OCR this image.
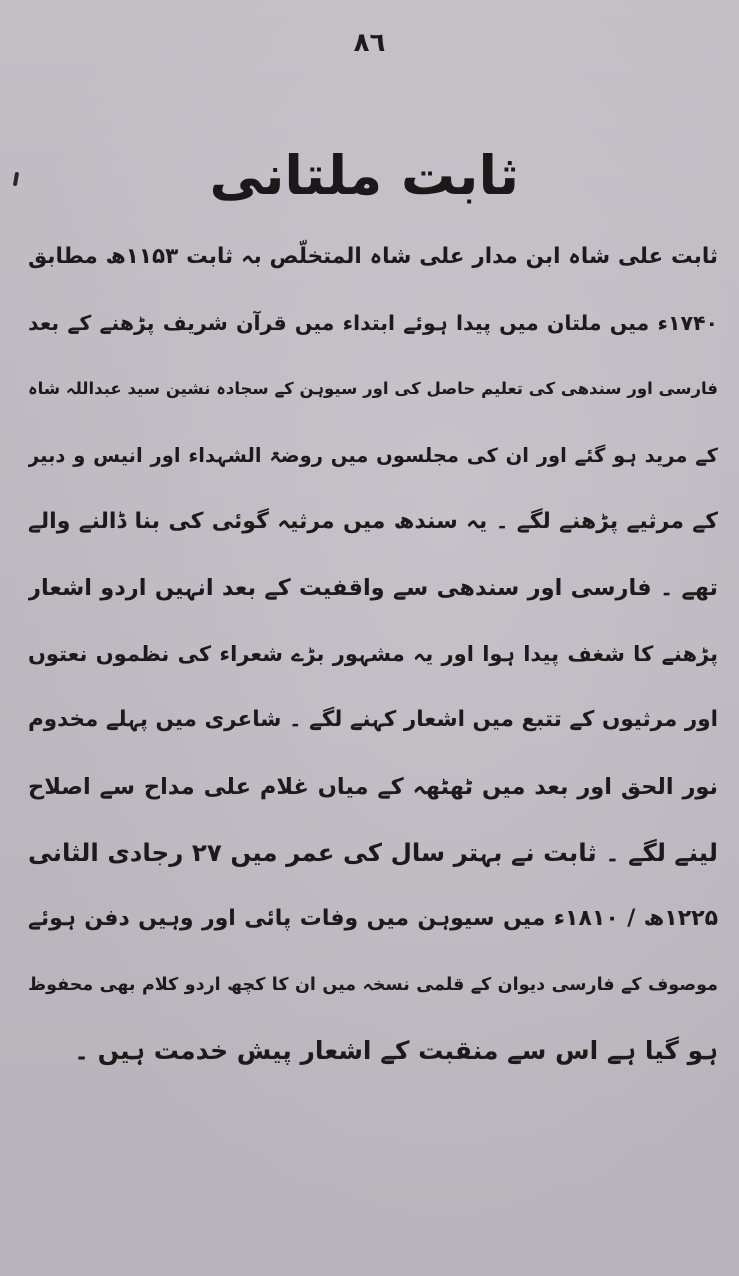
٨٦
ثابت ملتانی
ثابت علی شاہ ابن مدار علی شاہ المتخلّص بہ ثابت ۱۱۵۳ھ مطابق
۱۷۴۰ء میں ملتان میں پیدا ہوئے ابتداء میں قرآن شریف پڑھنے کے بعد
فارسی اور سندھی کی تعلیم حاصل کی اور سیوہن کے سجادہ نشین سید عبداللہ شاہ
کے مرید ہو گئے اور ان کی مجلسوں میں روضۃ الشہداء اور انیس و دبیر
کے مرثیے پڑھنے لگے ۔ یہ سندھ میں مرثیہ گوئی کی بنا ڈالنے والے
تھے ۔ فارسی اور سندھی سے واقفیت کے بعد انہیں اردو اشعار
پڑھنے کا شغف پیدا ہوا اور یہ مشہور بڑے شعراء کی نظموں نعتوں
اور مرثیوں کے تتبع میں اشعار کہنے لگے ۔ شاعری میں پہلے مخدوم
نور الحق اور بعد میں ٹھٹھہ کے میاں غلام علی مداح سے اصلاح
لینے لگے ۔ ثابت نے بہتر سال کی عمر میں ۲۷ رجادی الثانی
۱۲۲۵ھ / ۱۸۱۰ء میں سیوہن میں وفات پائی اور وہیں دفن ہوئے
موصوف کے فارسی دیوان کے قلمی نسخہ میں ان کا کچھ اردو کلام بھی محفوظ
ہو گیا ہے اس سے منقبت کے اشعار پیش خدمت ہیں ۔
